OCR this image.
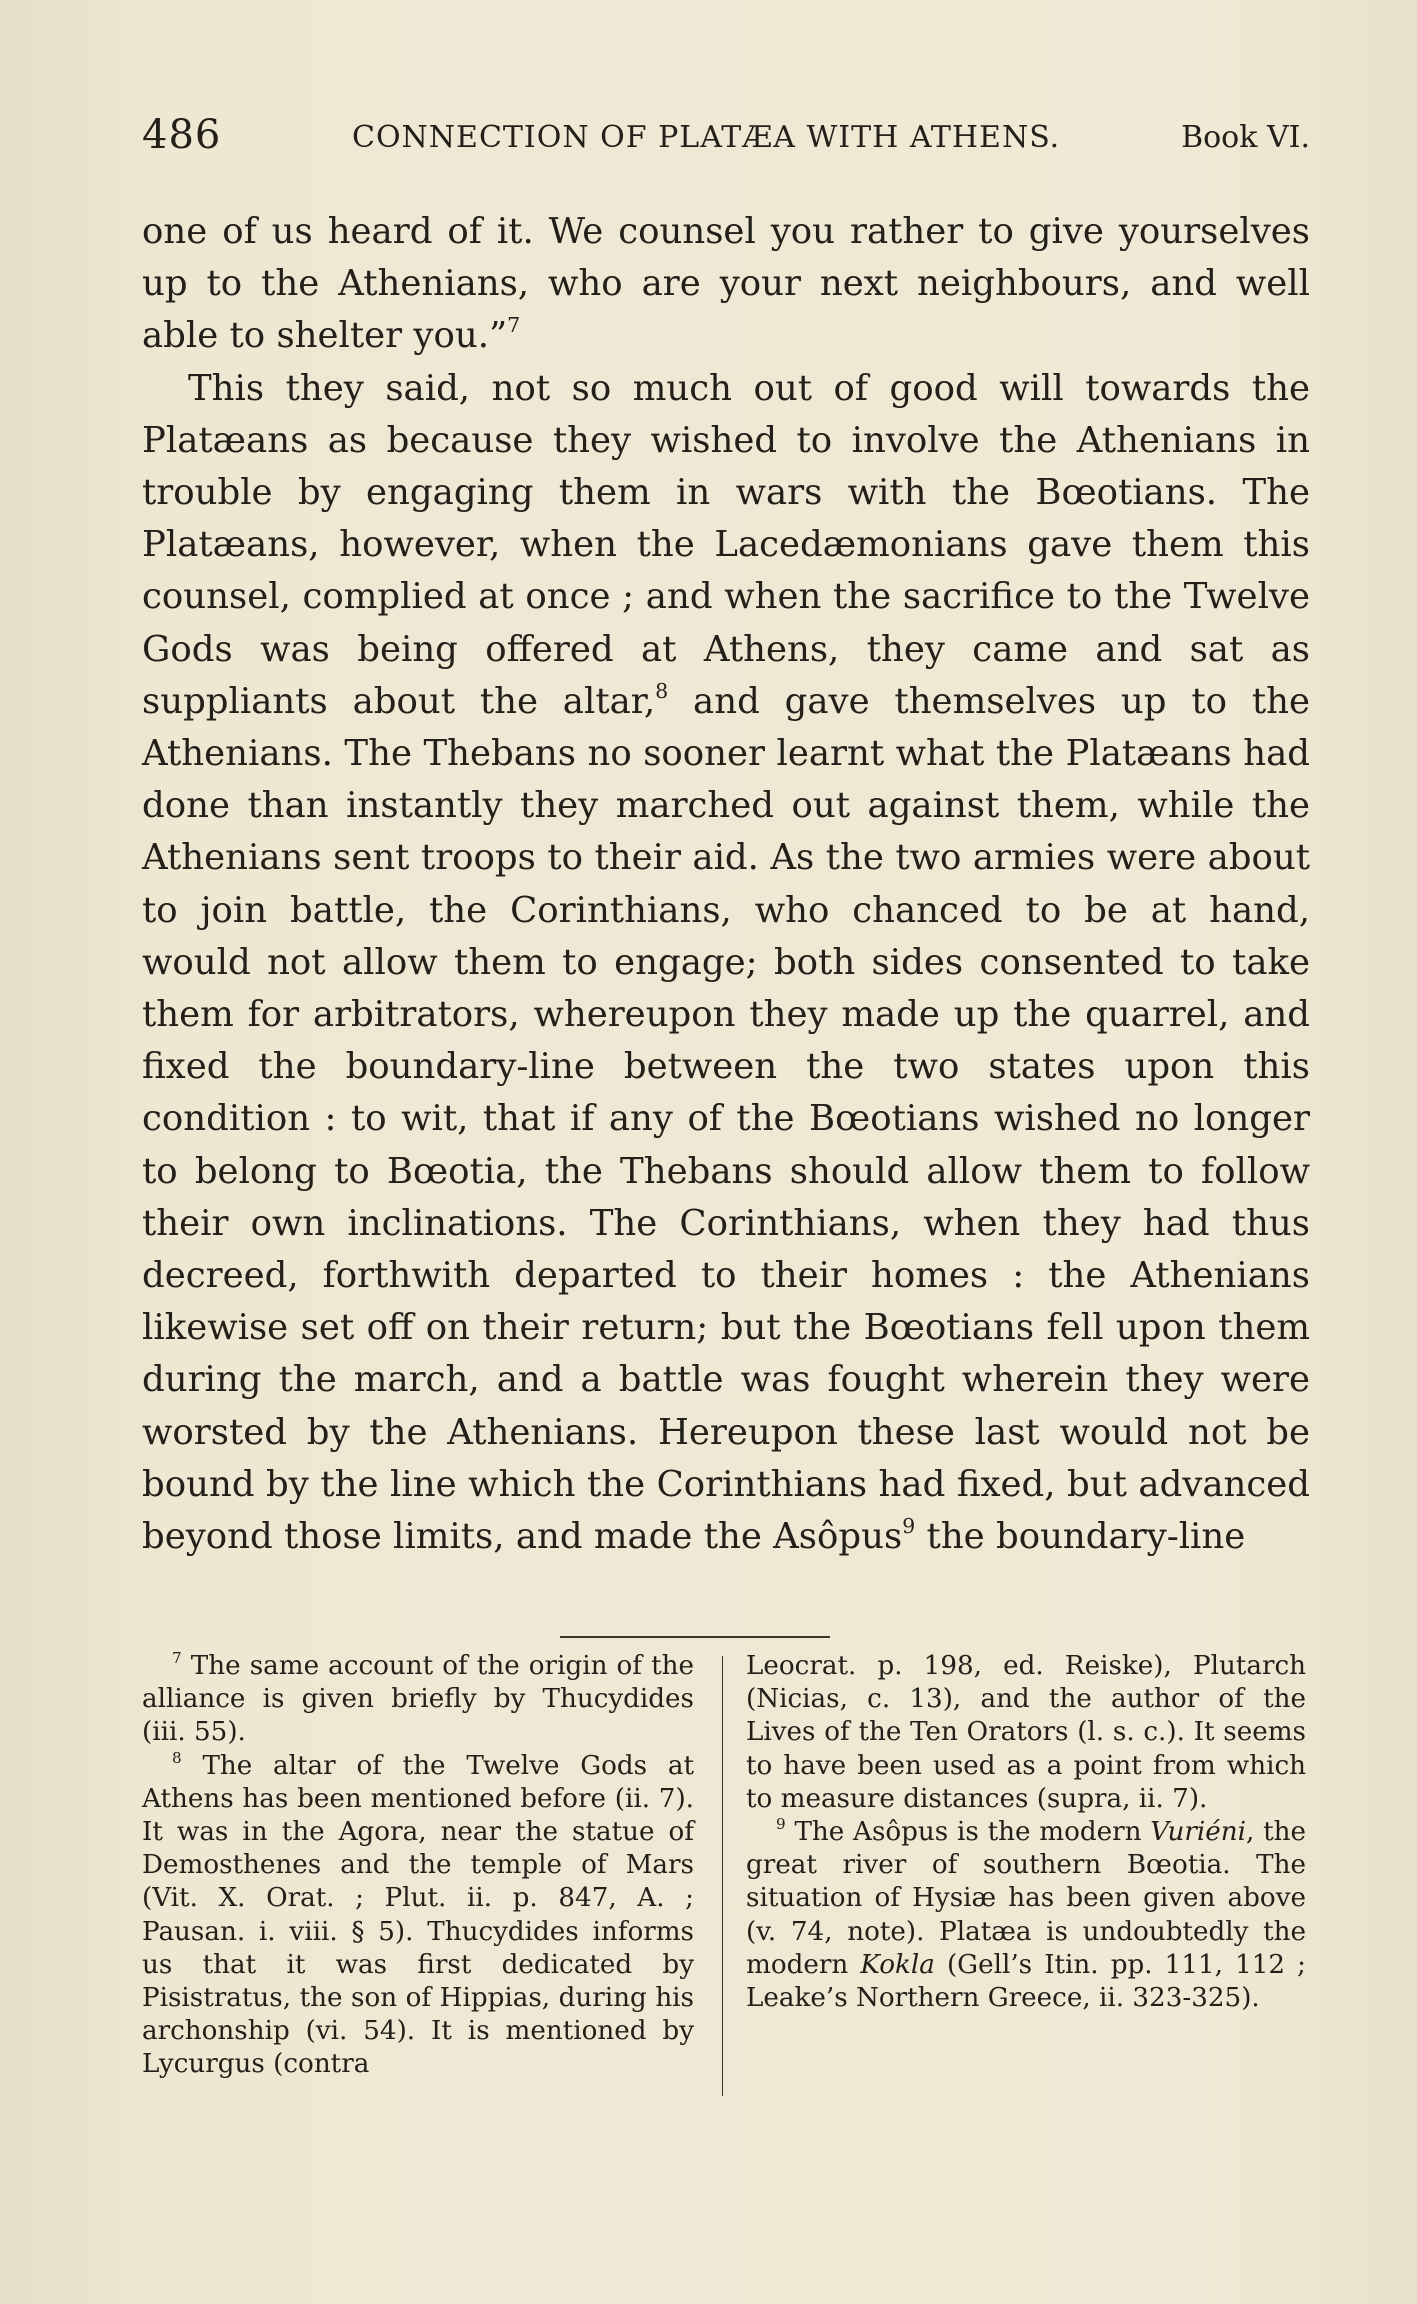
486	CONNECTION OF PLATÆA WITH ATHENS.	Book VI.

one of us heard of it. We counsel you rather to give yourselves up to the Athenians, who are your next neighbours, and well able to shelter you.”$^7$

This they said, not so much out of good will towards the Platæans as because they wished to involve the Athenians in trouble by engaging them in wars with the Bœotians. The Platæans, however, when the Lacedæmonians gave them this counsel, complied at once ; and when the sacrifice to the Twelve Gods was being offered at Athens, they came and sat as suppliants about the altar,$^8$ and gave themselves up to the Athenians. The Thebans no sooner learnt what the Platæans had done than instantly they marched out against them, while the Athenians sent troops to their aid. As the two armies were about to join battle, the Corinthians, who chanced to be at hand, would not allow them to engage; both sides consented to take them for arbitrators, whereupon they made up the quarrel, and fixed the boundary-line between the two states upon this condition : to wit, that if any of the Bœotians wished no longer to belong to Bœotia, the Thebans should allow them to follow their own inclinations. The Corinthians, when they had thus decreed, forthwith departed to their homes : the Athenians likewise set off on their return; but the Bœotians fell upon them during the march, and a battle was fought wherein they were worsted by the Athenians. Hereupon these last would not be bound by the line which the Corinthians had fixed, but advanced beyond those limits, and made the Asôpus$^9$ the boundary-line

$^7$ The same account of the origin of the alliance is given briefly by Thucydides (iii. 55).

$^8$ The altar of the Twelve Gods at Athens has been mentioned before (ii. 7). It was in the Agora, near the statue of Demosthenes and the temple of Mars (Vit. X. Orat. ; Plut. ii. p. 847, A. ; Pausan. i. viii. § 5). Thucydides informs us that it was first dedicated by Pisistratus, the son of Hippias, during his archonship (vi. 54). It is mentioned by Lycurgus (contra

Leocrat. p. 198, ed. Reiske), Plutarch (Nicias, c. 13), and the author of the Lives of the Ten Orators (l. s. c.). It seems to have been used as a point from which to measure distances (supra, ii. 7).

$^9$ The Asôpus is the modern Vuriéni, the great river of southern Bœotia. The situation of Hysiæ has been given above (v. 74, note). Platæa is undoubtedly the modern Kokla (Gell’s Itin. pp. 111, 112 ; Leake’s Northern Greece, ii. 323-325).
